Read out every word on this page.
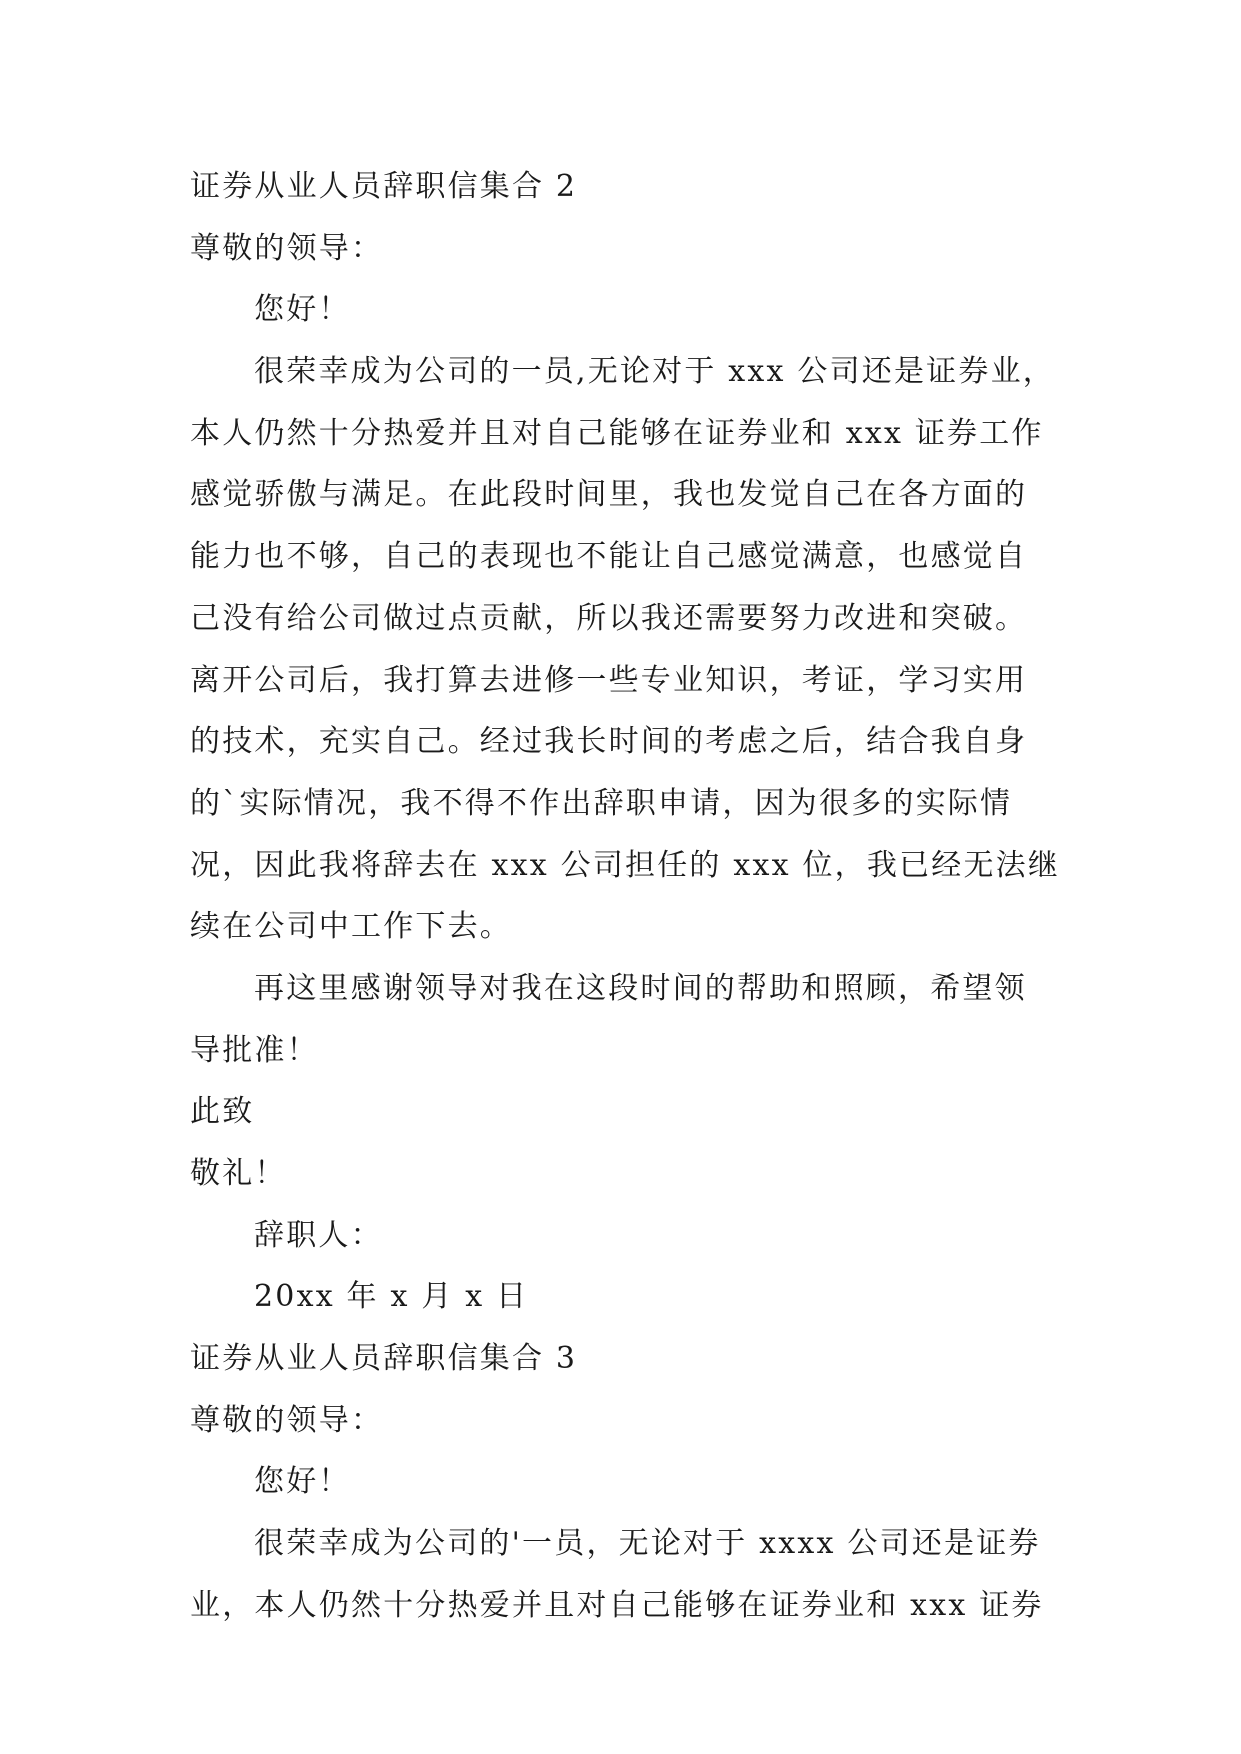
证券从业人员辞职信集合 2
尊敬的领导：
您好！
很荣幸成为公司的一员,无论对于 xxx 公司还是证券业，
本人仍然十分热爱并且对自己能够在证券业和 xxx 证券工作
感觉骄傲与满足。在此段时间里，我也发觉自己在各方面的
能力也不够，自己的表现也不能让自己感觉满意，也感觉自
己没有给公司做过点贡献，所以我还需要努力改进和突破。
离开公司后，我打算去进修一些专业知识，考证，学习实用
的技术，充实自己。经过我长时间的考虑之后，结合我自身
的`实际情况，我不得不作出辞职申请，因为很多的实际情
况，因此我将辞去在 xxx 公司担任的 xxx 位，我已经无法继
续在公司中工作下去。
再这里感谢领导对我在这段时间的帮助和照顾，希望领
导批准！
此致
敬礼！
辞职人：
20xx 年 x 月 x 日
证券从业人员辞职信集合 3
尊敬的领导：
您好！
很荣幸成为公司的'一员，无论对于 xxxx 公司还是证券
业，本人仍然十分热爱并且对自己能够在证券业和 xxx 证券
